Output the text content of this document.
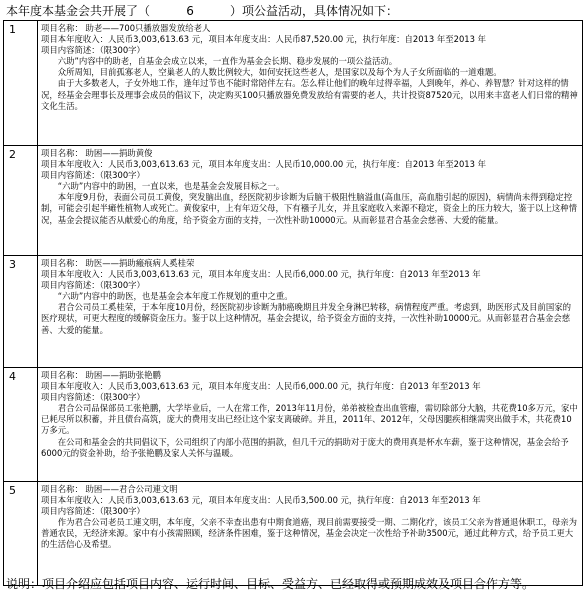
本年度本基金会共开展了（	6	）项公益活动，具体情况如下：
1	项目名称： 助老——700只播放器发放给老人

项目本年度收入：人民币3,003,613.63 元，项目本年度支出：人民币87,520.00 元，执行年度：自2013 年至2013 年

项目内容简述：（限300字）

六助”内容中的助老，自基金会成立以来，一直作为基金会长期、稳步发展的一项公益活动。

众所周知，目前孤寡老人，空巢老人的人数比例较大，如何安抚这些老人，是国家以及每个为人子女所面临的一道难题。

由于大多数老人，子女外地工作，逢年过节也不能时常陪伴左右。怎么样让他们的晚年过得幸福，人到晚年，养心、养智慧？针对这样的情况，经基金会理事长及理事会成员的倡议下，决定购买100只播放器免费发放给有需要的老人，共计投资87520元，以用来丰富老人们日常的精神文化生活。

2	项目名称： 助困——捐助黄俊

项目本年度收入：人民币3,003,613.63 元，项目本年度支出：人民币10,000.00 元，执行年度：自2013 年至2013 年

项目内容简述：（限300字）

“六助”内容中的助困，一直以来，也是基金会发展目标之一。

本年度9月份，表面公司员工黄俊，突发脑出血，经医院初步诊断为后脑干极阻性脑溢血(高血压，高血脂引起的原因)，病情尚未得到稳定控制，可能会引起半瘫性植物人或死亡。黄俊家中，上有年迈父母，下有襁子儿女，并且家庭收入来源不稳定，资金上的压力较大，鉴于以上这种情况，基金会提议能否从献爱心的角度，给予资金方面的支持，一次性补助10000元。从而彰显君合基金会慈善、大爱的能量。

3	项目名称： 助医——捐助瘢痕病人奚桂荣

项目本年度收入：人民币3,003,613.63 元，项目本年度支出：人民币6,000.00 元，执行年度：自2013 年至2013 年

项目内容简述：（限300字）

“六助”内容中的助医，也是基金会本年度工作规划的重中之重。

君合公司员工奚桂荣，于本年度10月份，经医院初步诊断为肺癌晚期且并发全身淋巴转移，病情程度严重。考虑到，助医形式及目前国家的医疗现状，可更大程度的缓解资金压力。鉴于以上这种情况，基金会提议，给予资金方面的支持，一次性补助10000元。从而彰显君合基金会慈善、大爱的能量。

4	项目名称： 助困——捐助张艳鹏

项目本年度收入：人民币3,003,613.63 元，项目本年度支出：人民币6,000.00 元，执行年度：自2013 年至2013 年

项目内容简述：（限300字）

君合公司品保部员工张艳鹏，大学毕业后，一人在常工作，2013年11月份，弟弟被检查出血管瘤，需切除部分大脑，共花费10多万元，家中已耗尽所以积蓄，并且债台高筑，庞大的费用支出已经让这个家支离破碎。并且，2011年、2012年，父母因腿疾相继需突出做手术，共花费10万多元。

在公司和基金会的共同倡议下，公司组织了内部小范围的捐款，但几千元的捐助对于庞大的费用真是杯水车薪，鉴于这种情况，基金会给予6000元的资金补助，给予张艳鹏及家人关怀与温暖。

5	项目名称： 助困——君合公司連文明

项目本年度收入：人民币3,003,613.63 元，项目本年度支出：人民币3,500.00 元，执行年度：自2013 年至2013 年

项目内容简述：（限300字）

作为君合公司老员工連文明，本年度，父亲不幸查出患有中期食道癌，现目前需要接受一期、二期化疗，该员工父亲为普通退休职工，母亲为普通农民，无经济来源。家中有小孩需照顾，经济条件困难，鉴于这种情况，基金会决定一次性给予补助3500元，通过此种方式，给予员工更大的生活信心及希望。

说明：项目介绍应包括项目内容、运行时间、目标、受益方、已经取得或预期成效及项目合作方等。
